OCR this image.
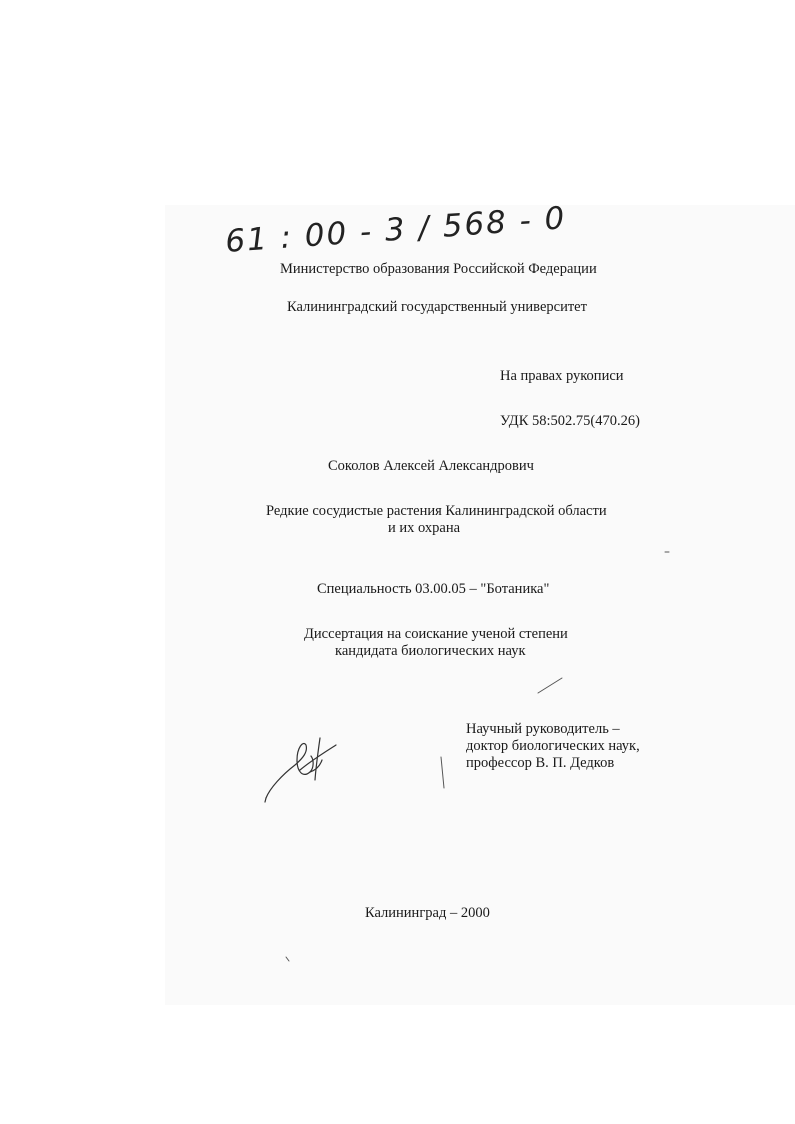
61 : 00 - 3 / 568 - 0
Министерство образования Российской Федерации
Калининградский государственный университет
На правах рукописи
УДК 58:502.75(470.26)
Соколов Алексей Александрович
Редкие сосудистые растения Калининградской области
и их охрана
Специальность 03.00.05 – "Ботаника"
Диссертация на соискание ученой степени
кандидата биологических наук
Научный руководитель –
доктор биологических наук,
профессор В. П. Дедков
Калининград – 2000
